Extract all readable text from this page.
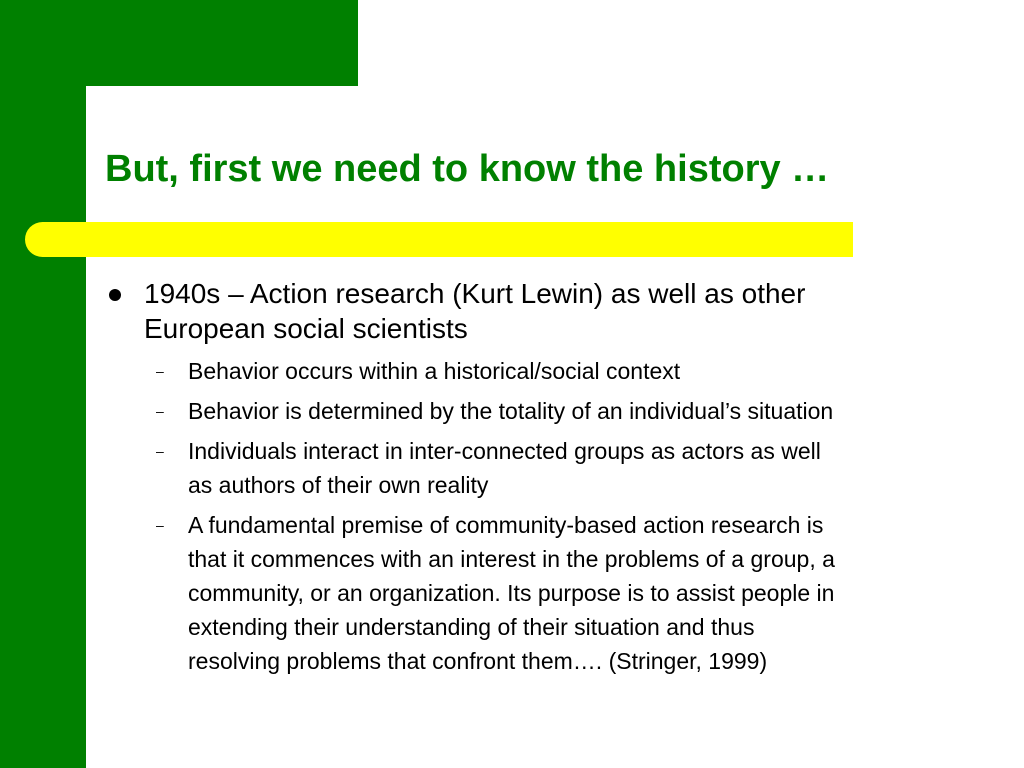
But, first we need to know the history …
1940s – Action research (Kurt Lewin) as well as other
European social scientists
– Behavior occurs within a historical/social context
– Behavior is determined by the totality of an individual’s situation
– Individuals interact in inter-connected groups as actors as well
as authors of their own reality
– A fundamental premise of community-based action research is
that it commences with an interest in the problems of a group, a
community, or an organization. Its purpose is to assist people in
extending their understanding of their situation and thus
resolving problems that confront them…. (Stringer, 1999)
